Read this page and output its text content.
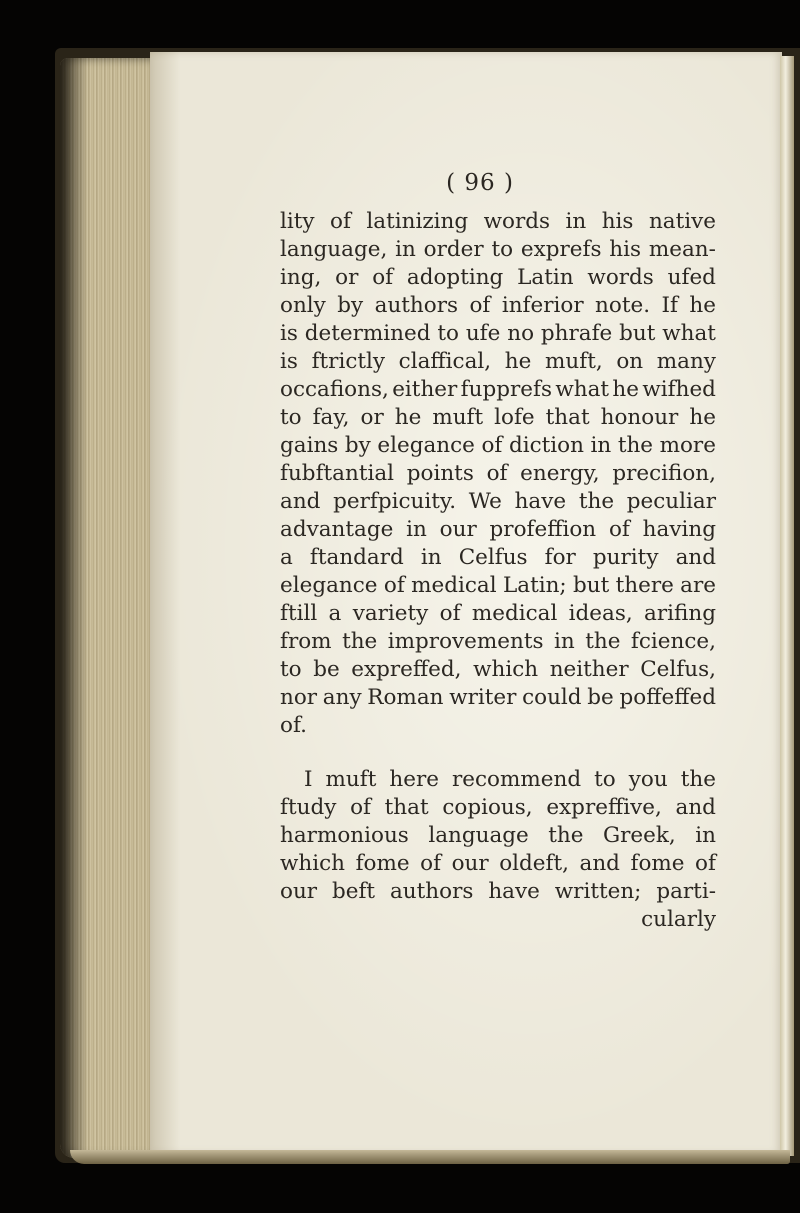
( 96 )
lity of latinizing words in his native
language, in order to exprefs his mean-
ing, or of adopting Latin words ufed
only by authors of inferior note. If he
is determined to ufe no phrafe but what
is ftrictly claffical, he muft, on many
occafions, either fupprefs what he wifhed
to fay, or he muft lofe that honour he
gains by elegance of diction in the more
fubftantial points of energy, precifion,
and perfpicuity. We have the peculiar
advantage in our profeffion of having
a ftandard in Celfus for purity and
elegance of medical Latin; but there are
ftill a variety of medical ideas, arifing
from the improvements in the fcience,
to be expreffed, which neither Celfus,
nor any Roman writer could be poffeffed
of.
I muft here recommend to you the
ftudy of that copious, expreffive, and
harmonious language the Greek, in
which fome of our oldeft, and fome of
our beft authors have written; parti-
cularly
